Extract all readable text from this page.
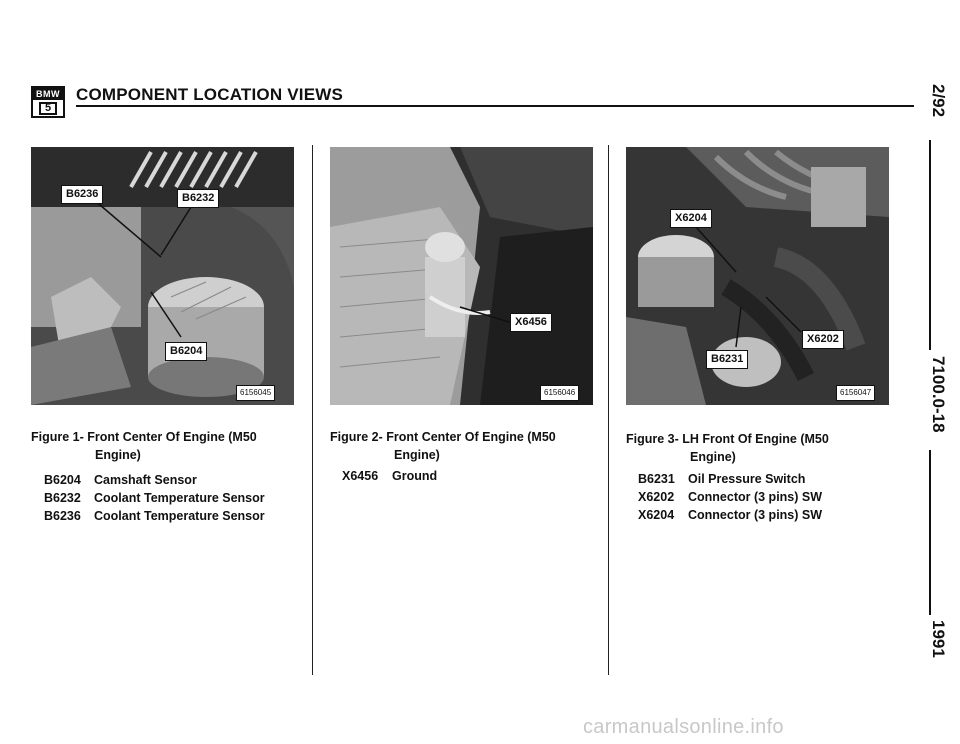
BMW
5
COMPONENT LOCATION VIEWS	2/92
7100.0-18
1991
B6236	B6232
B6204
6156045
X6456
6156046
X6204
X6202
B6231
6156047
Figure 1- Front Center Of Engine (M50
Engine)
B6204 Camshaft Sensor
B6232 Coolant Temperature Sensor
B6236 Coolant Temperature Sensor
Figure 2- Front Center Of Engine (M50
Engine)
X6456 Ground
Figure 3- LH Front Of Engine (M50
Engine)
B6231 Oil Pressure Switch
X6202 Connector (3 pins) SW
X6204 Connector (3 pins) SW
carmanualsonline.info
